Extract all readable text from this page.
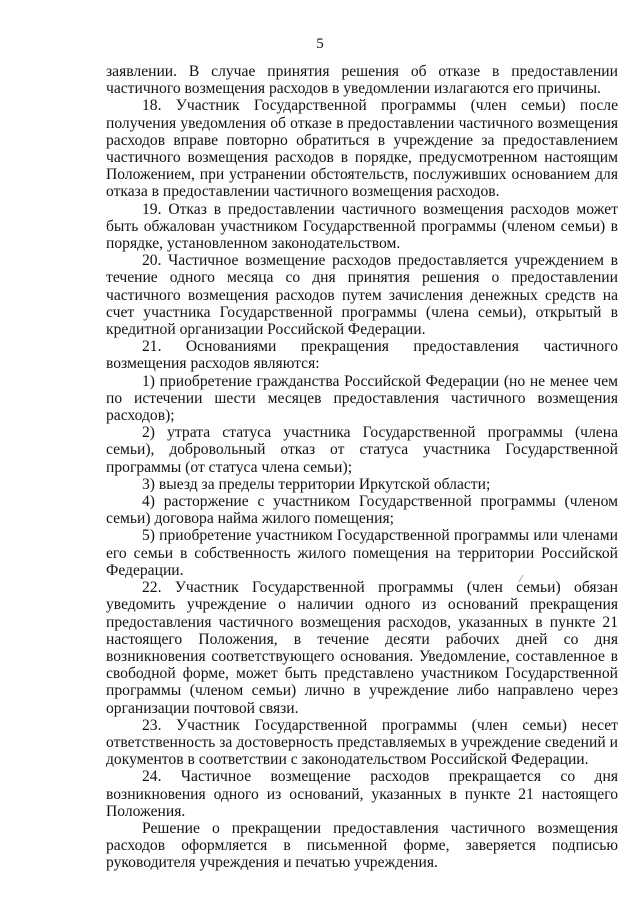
5

заявлении. В случае принятия решения об отказе в предоставлении частичного возмещения расходов в уведомлении излагаются его причины.

18. Участник Государственной программы (член семьи) после получения уведомления об отказе в предоставлении частичного возмещения расходов вправе повторно обратиться в учреждение за предоставлением частичного возмещения расходов в порядке, предусмотренном настоящим Положением, при устранении обстоятельств, послуживших основанием для отказа в предоставлении частичного возмещения расходов.

19. Отказ в предоставлении частичного возмещения расходов может быть обжалован участником Государственной программы (членом семьи) в порядке, установленном законодательством.

20. Частичное возмещение расходов предоставляется учреждением в течение одного месяца со дня принятия решения о предоставлении частичного возмещения расходов путем зачисления денежных средств на счет участника Государственной программы (члена семьи), открытый в кредитной организации Российской Федерации.

21. Основаниями прекращения предоставления частичного возмещения расходов являются:

1) приобретение гражданства Российской Федерации (но не менее чем по истечении шести месяцев предоставления частичного возмещения расходов);

2) утрата статуса участника Государственной программы (члена семьи), добровольный отказ от статуса участника Государственной программы (от статуса члена семьи);

3) выезд за пределы территории Иркутской области;

4) расторжение с участником Государственной программы (членом семьи) договора найма жилого помещения;

5) приобретение участником Государственной программы или членами его семьи в собственность жилого помещения на территории Российской Федерации.

22. Участник Государственной программы (член семьи) обязан уведомить учреждение о наличии одного из оснований прекращения предоставления частичного возмещения расходов, указанных в пункте 21 настоящего Положения, в течение десяти рабочих дней со дня возникновения соответствующего основания. Уведомление, составленное в свободной форме, может быть представлено участником Государственной программы (членом семьи) лично в учреждение либо направлено через организации почтовой связи.

23. Участник Государственной программы (член семьи) несет ответственность за достоверность представляемых в учреждение сведений и документов в соответствии с законодательством Российской Федерации.

24. Частичное возмещение расходов прекращается со дня возникновения одного из оснований, указанных в пункте 21 настоящего Положения.

Решение о прекращении предоставления частичного возмещения расходов оформляется в письменной форме, заверяется подписью руководителя учреждения и печатью учреждения.
